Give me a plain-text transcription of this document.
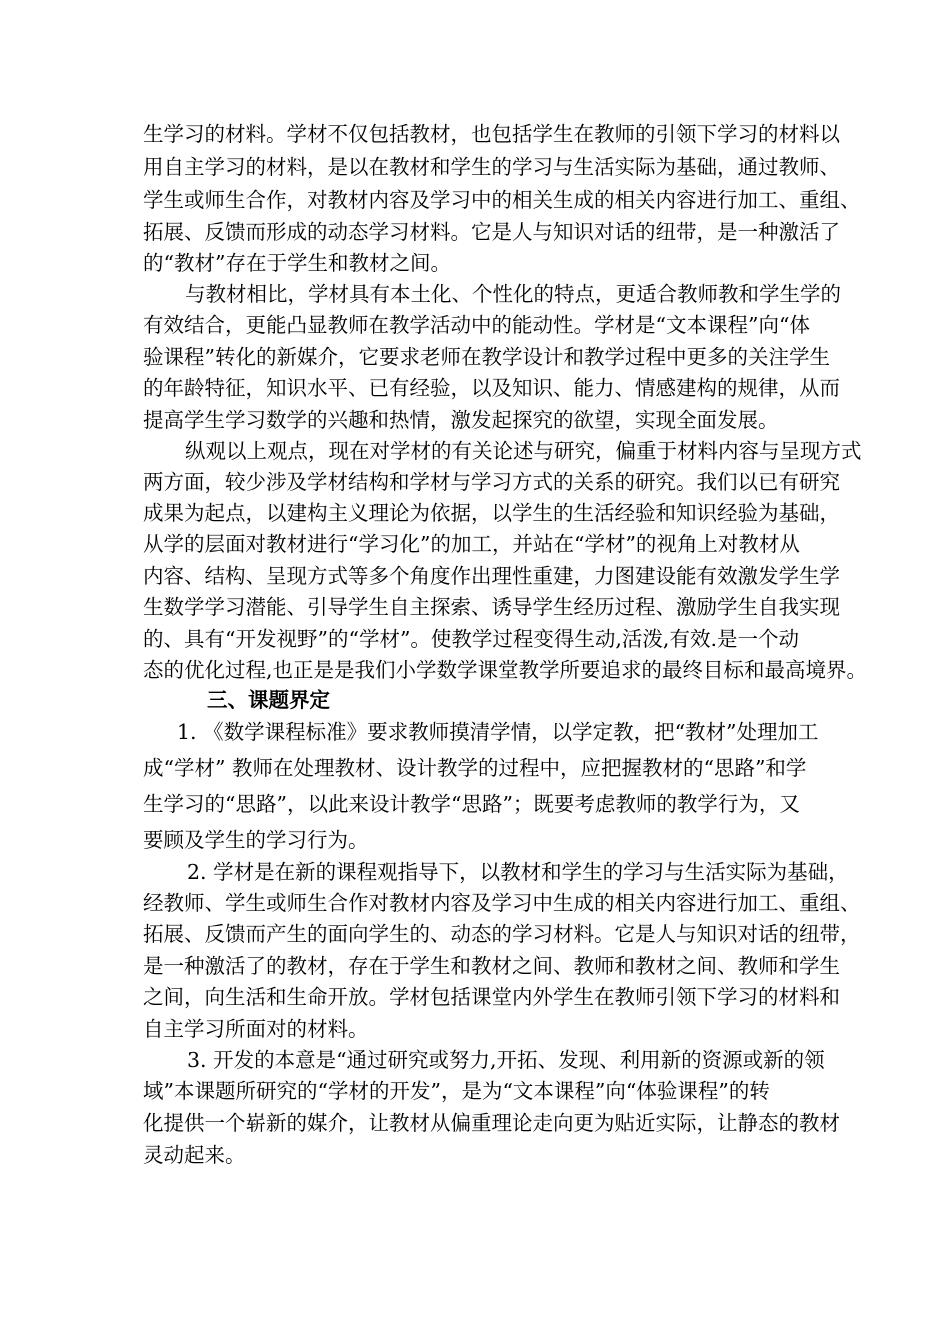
生学习的材料。学材不仅包括教材，也包括学生在教师的引领下学习的材料以
用自主学习的材料，是以在教材和学生的学习与生活实际为基础，通过教师、
学生或师生合作，对教材内容及学习中的相关生成的相关内容进行加工、重组、
拓展、反馈而形成的动态学习材料。它是人与知识对话的纽带，是一种激活了
的“教材”存在于学生和教材之间。
与教材相比，学材具有本土化、个性化的特点，更适合教师教和学生学的
有效结合，更能凸显教师在教学活动中的能动性。学材是“文本课程”向“体
验课程”转化的新媒介，它要求老师在教学设计和教学过程中更多的关注学生
的年龄特征，知识水平、已有经验，以及知识、能力、情感建构的规律，从而
提高学生学习数学的兴趣和热情，激发起探究的欲望，实现全面发展。
纵观以上观点，现在对学材的有关论述与研究，偏重于材料内容与呈现方式
两方面，较少涉及学材结构和学材与学习方式的关系的研究。我们以已有研究
成果为起点，以建构主义理论为依据，以学生的生活经验和知识经验为基础，
从学的层面对教材进行“学习化”的加工，并站在“学材”的视角上对教材从
内容、结构、呈现方式等多个角度作出理性重建，力图建设能有效激发学生学
生数学学习潜能、引导学生自主探索、诱导学生经历过程、激励学生自我实现
的、具有“开发视野”的“学材”。使教学过程变得生动,活泼,有效.是一个动
态的优化过程,也正是是我们小学数学课堂教学所要追求的最终目标和最高境界。
三、课题界定
1. 《数学课程标准》要求教师摸清学情，以学定教，把“教材”处理加工
成“学材” 教师在处理教材、设计教学的过程中，应把握教材的“思路”和学
生学习的“思路”，以此来设计教学“思路”；既要考虑教师的教学行为，又
要顾及学生的学习行为。
2. 学材是在新的课程观指导下，以教材和学生的学习与生活实际为基础，
经教师、学生或师生合作对教材内容及学习中生成的相关内容进行加工、重组、
拓展、反馈而产生的面向学生的、动态的学习材料。它是人与知识对话的纽带，
是一种激活了的教材，存在于学生和教材之间、教师和教材之间、教师和学生
之间，向生活和生命开放。学材包括课堂内外学生在教师引领下学习的材料和
自主学习所面对的材料。
3. 开发的本意是“通过研究或努力,开拓、发现、利用新的资源或新的领
域”本课题所研究的“学材的开发”，是为“文本课程”向“体验课程”的转
化提供一个崭新的媒介，让教材从偏重理论走向更为贴近实际，让静态的教材
灵动起来。
